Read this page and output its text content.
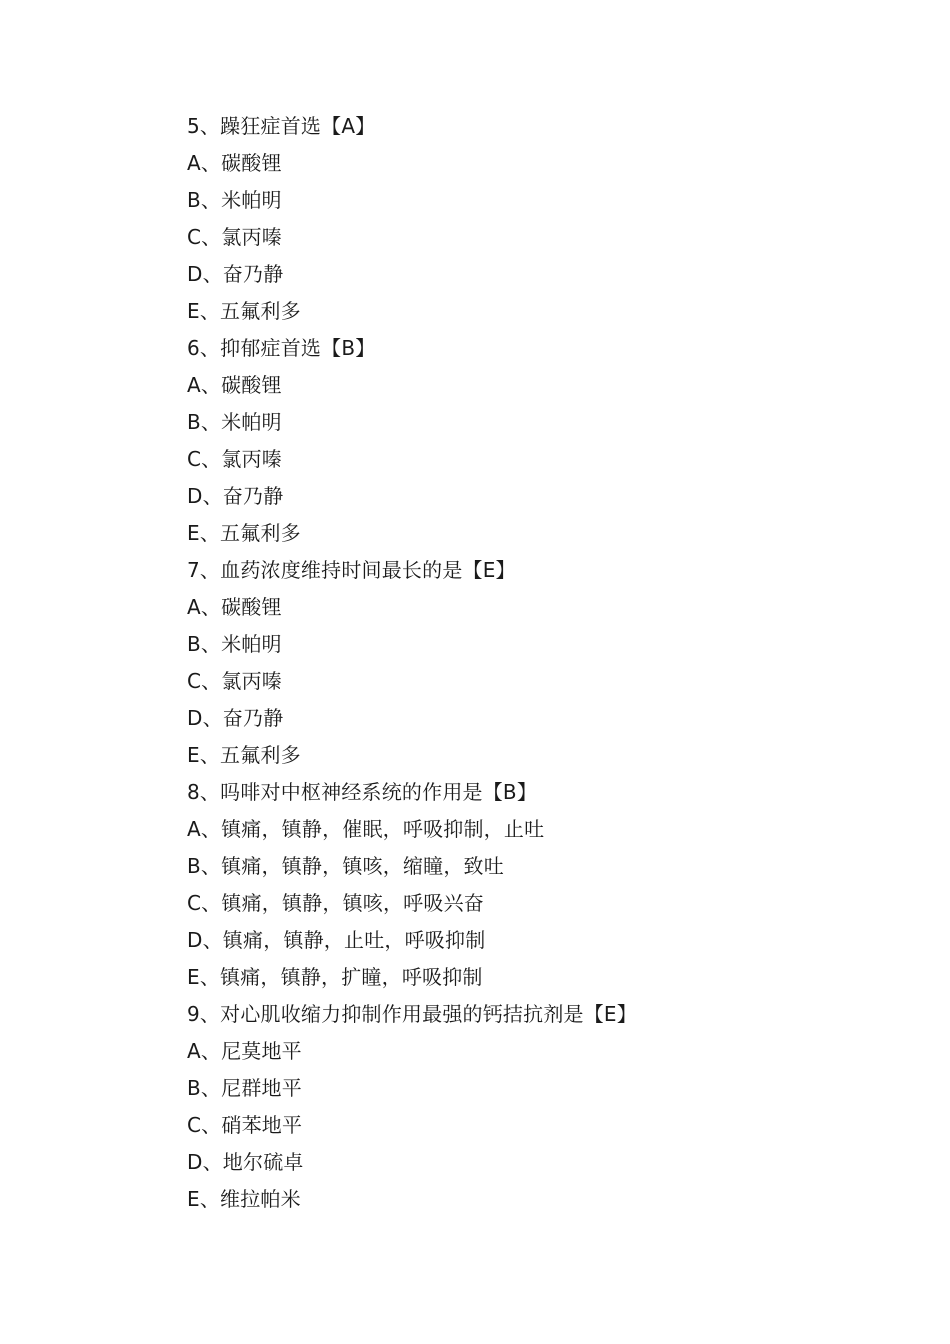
5、躁狂症首选【A】
A、碳酸锂
B、米帕明
C、氯丙嗪
D、奋乃静
E、五氟利多
6、抑郁症首选【B】
A、碳酸锂
B、米帕明
C、氯丙嗪
D、奋乃静
E、五氟利多
7、血药浓度维持时间最长的是【E】
A、碳酸锂
B、米帕明
C、氯丙嗪
D、奋乃静
E、五氟利多
8、吗啡对中枢神经系统的作用是【B】
A、镇痛，镇静，催眠，呼吸抑制，止吐
B、镇痛，镇静，镇咳，缩瞳，致吐
C、镇痛，镇静，镇咳，呼吸兴奋
D、镇痛，镇静，止吐，呼吸抑制
E、镇痛，镇静，扩瞳，呼吸抑制
9、对心肌收缩力抑制作用最强的钙拮抗剂是【E】
A、尼莫地平
B、尼群地平
C、硝苯地平
D、地尔硫卓
E、维拉帕米
